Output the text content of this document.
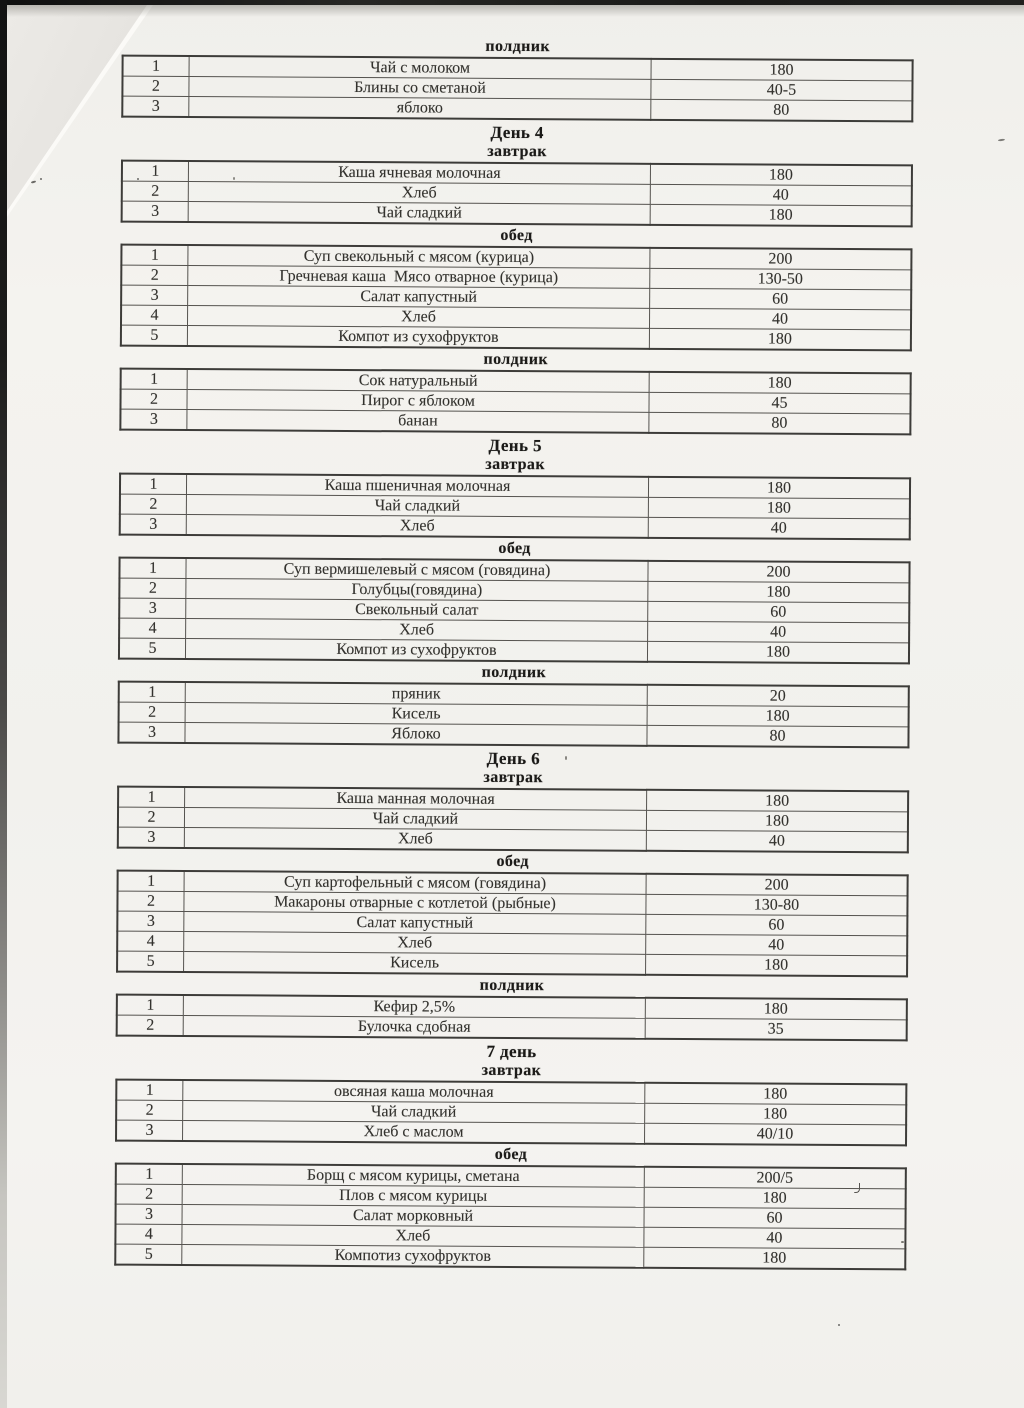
полдник
1	Чай с молоком	180
2	Блины со сметаной	40-5
3	яблоко	80
День 4
завтрак
1	Каша ячневая молочная	180
2	Хлеб	40
3	Чай сладкий	180
обед
1	Суп свекольный с мясом (курица)	200
2	Гречневая каша  Мясо отварное (курица)	130-50
3	Салат капустный	60
4	Хлеб	40
5	Компот из сухофруктов	180
полдник
1	Сок натуральный	180
2	Пирог с яблоком	45
3	банан	80
День 5
завтрак
1	Каша пшеничная молочная	180
2	Чай сладкий	180
3	Хлеб	40
обед
1	Суп вермишелевый с мясом (говядина)	200
2	Голубцы(говядина)	180
3	Свекольный салат	60
4	Хлеб	40
5	Компот из сухофруктов	180
полдник
1	пряник	20
2	Кисель	180
3	Яблоко	80
День 6
завтрак
1	Каша манная молочная	180
2	Чай сладкий	180
3	Хлеб	40
обед
1	Суп картофельный с мясом (говядина)	200
2	Макароны отварные с котлетой (рыбные)	130-80
3	Салат капустный	60
4	Хлеб	40
5	Кисель	180
полдник
1	Кефир 2,5%	180
2	Булочка сдобная	35
7 день
завтрак
1	овсяная каша молочная	180
2	Чай сладкий	180
3	Хлеб с маслом	40/10
обед
1	Борщ с мясом курицы, сметана	200/5
2	Плов с мясом курицы	180
3	Салат морковный	60
4	Хлеб	40
5	Компотиз сухофруктов	180
